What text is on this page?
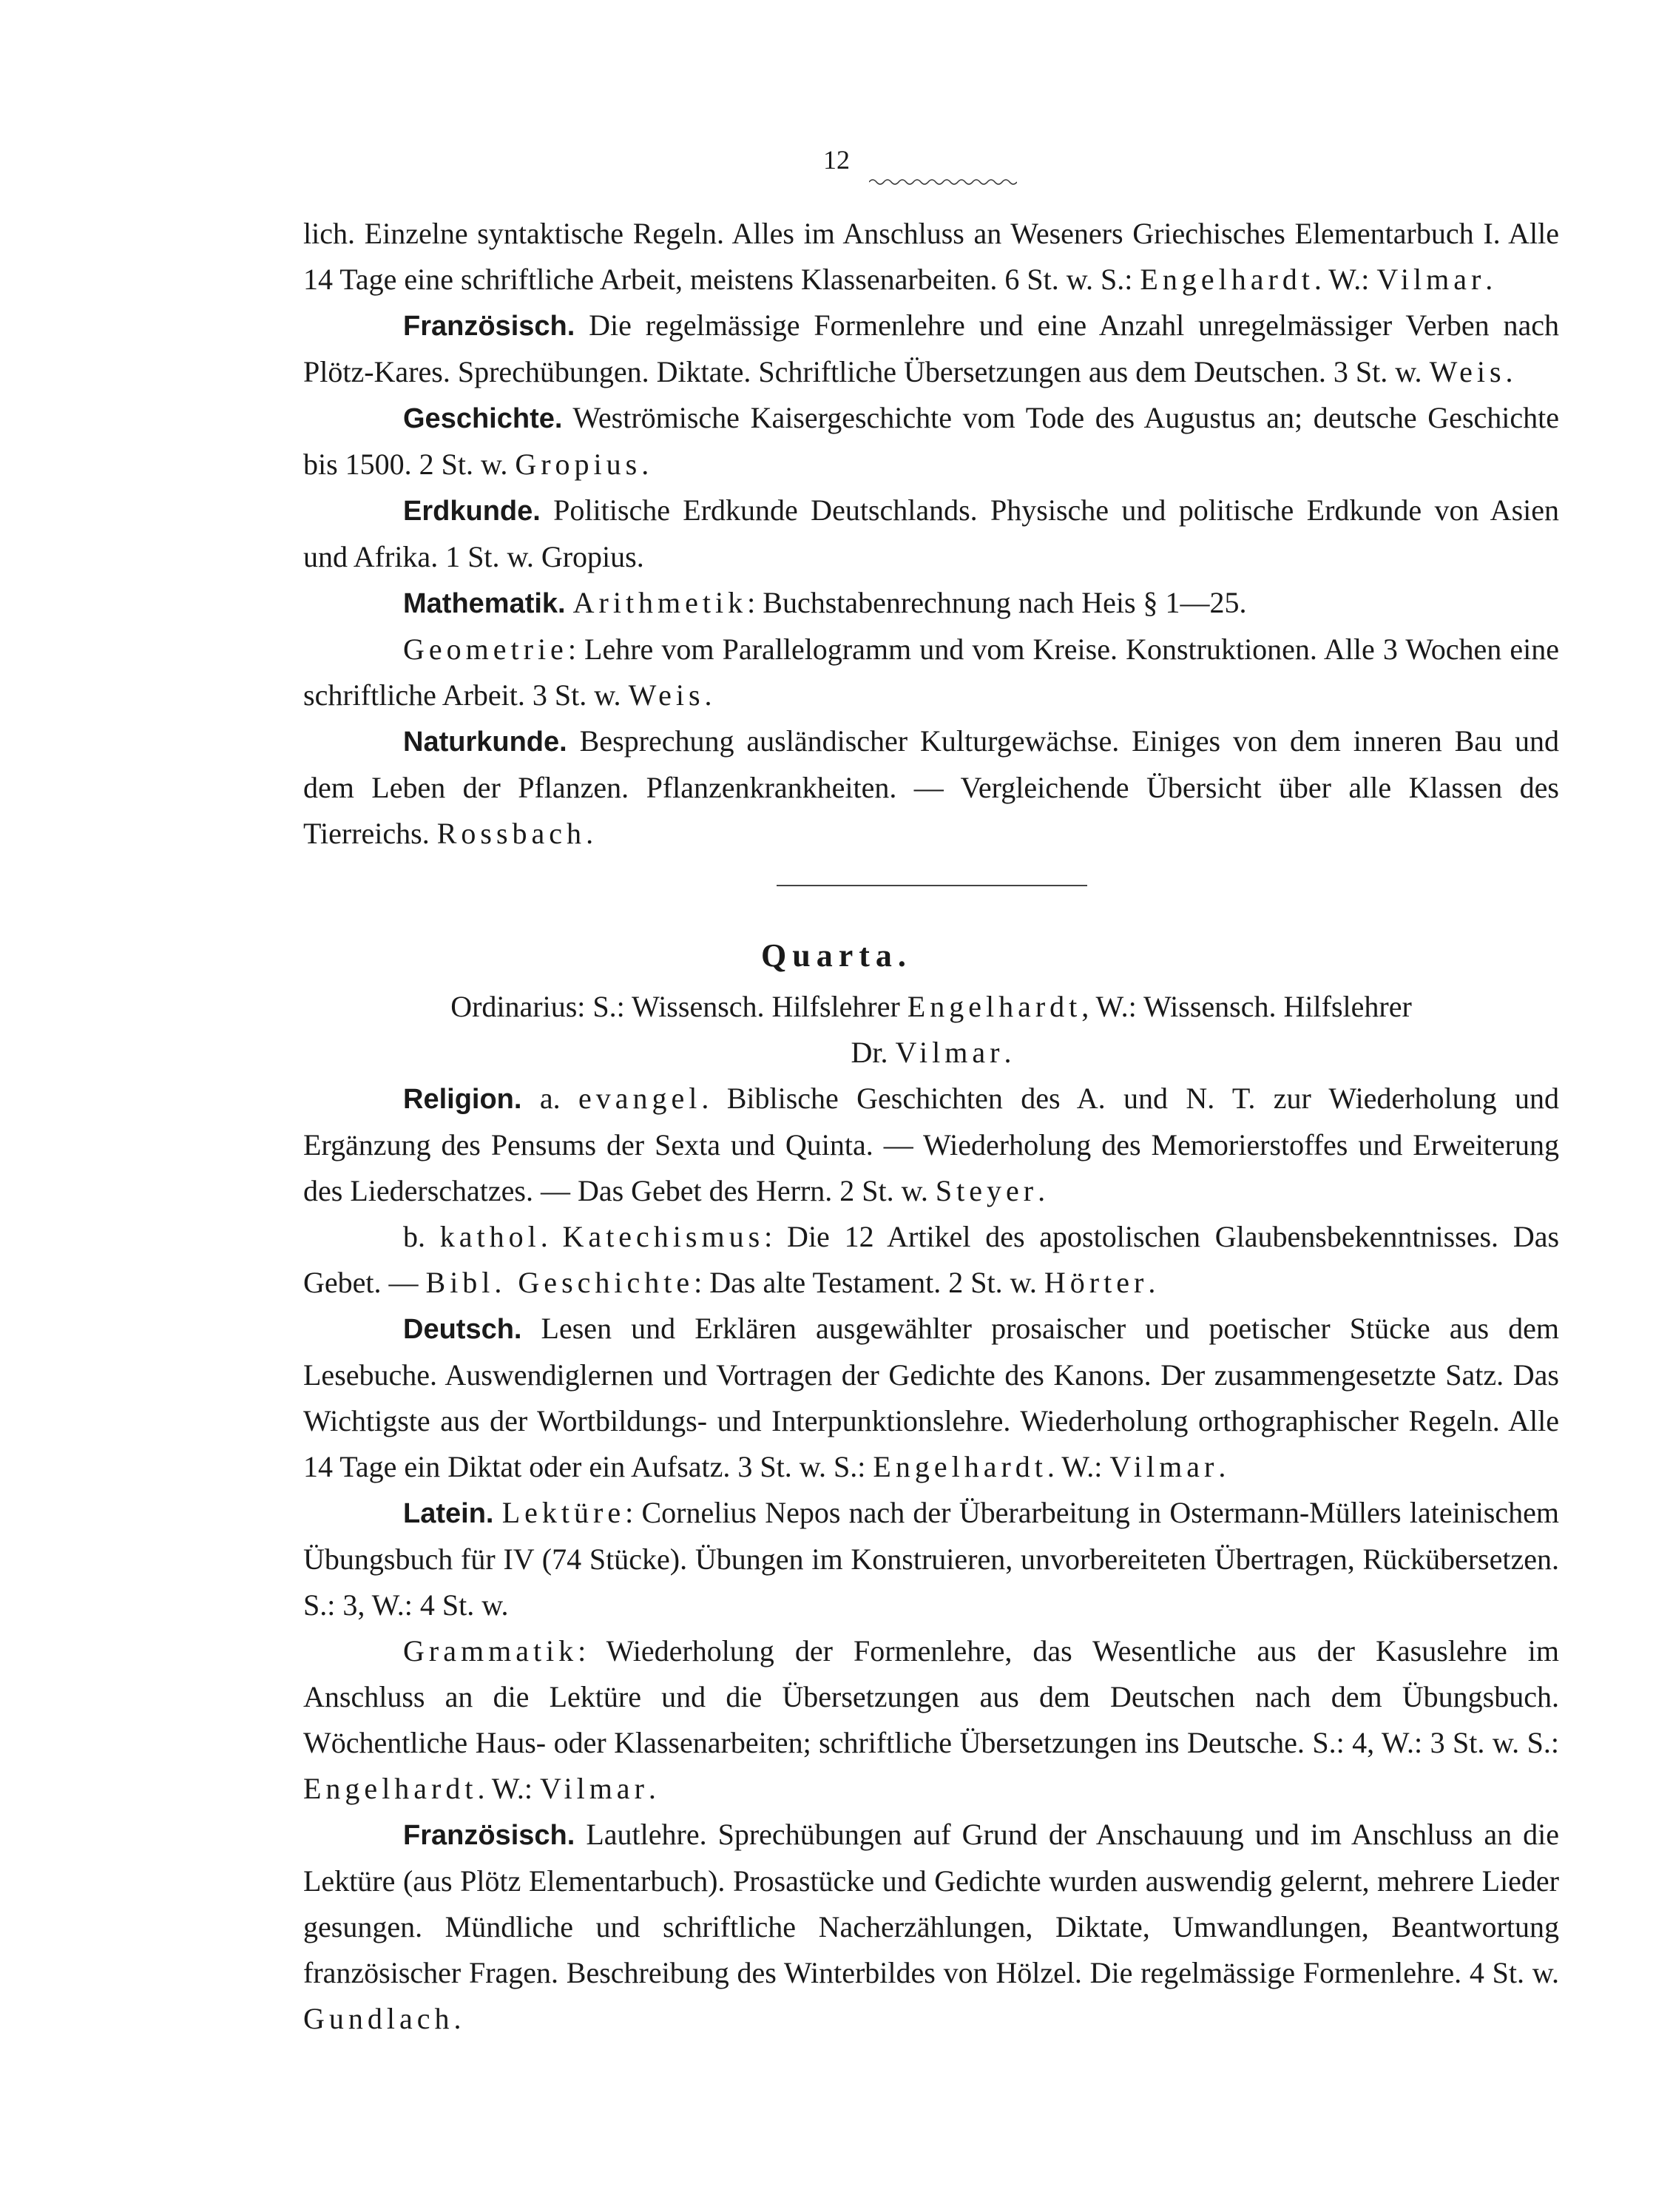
12

lich. Einzelne syntaktische Regeln. Alles im Anschluss an Weseners Griechisches Elementarbuch I. Alle 14 Tage eine schriftliche Arbeit, meistens Klassenarbeiten. 6 St. w. S.: Engelhardt. W.: Vilmar.

Französisch. Die regelmässige Formenlehre und eine Anzahl unregelmässiger Verben nach Plötz-Kares. Sprechübungen. Diktate. Schriftliche Übersetzungen aus dem Deutschen. 3 St. w. Weis.

Geschichte. Weströmische Kaisergeschichte vom Tode des Augustus an; deutsche Geschichte bis 1500. 2 St. w. Gropius.

Erdkunde. Politische Erdkunde Deutschlands. Physische und politische Erdkunde von Asien und Afrika. 1 St. w. Gropius.

Mathematik. Arithmetik: Buchstabenrechnung nach Heis § 1—25.

Geometrie: Lehre vom Parallelogramm und vom Kreise. Konstruktionen. Alle 3 Wochen eine schriftliche Arbeit. 3 St. w. Weis.

Naturkunde. Besprechung ausländischer Kulturgewächse. Einiges von dem inneren Bau und dem Leben der Pflanzen. Pflanzenkrankheiten. — Vergleichende Übersicht über alle Klassen des Tierreichs. Rossbach.

Quarta.

Ordinarius: S.: Wissensch. Hilfslehrer Engelhardt, W.: Wissensch. Hilfslehrer

Dr. Vilmar.

Religion. a. evangel. Biblische Geschichten des A. und N. T. zur Wiederholung und Ergänzung des Pensums der Sexta und Quinta. — Wiederholung des Memorierstoffes und Erweiterung des Liederschatzes. — Das Gebet des Herrn. 2 St. w. Steyer.

b. kathol. Katechismus: Die 12 Artikel des apostolischen Glaubensbekenntnisses. Das Gebet. — Bibl. Geschichte: Das alte Testament. 2 St. w. Hörter.

Deutsch. Lesen und Erklären ausgewählter prosaischer und poetischer Stücke aus dem Lesebuche. Auswendiglernen und Vortragen der Gedichte des Kanons. Der zusammengesetzte Satz. Das Wichtigste aus der Wortbildungs- und Interpunktionslehre. Wiederholung orthographischer Regeln. Alle 14 Tage ein Diktat oder ein Aufsatz. 3 St. w. S.: Engelhardt. W.: Vilmar.

Latein. Lektüre: Cornelius Nepos nach der Überarbeitung in Ostermann-Müllers lateinischem Übungsbuch für IV (74 Stücke). Übungen im Konstruieren, unvorbereiteten Übertragen, Rückübersetzen. S.: 3, W.: 4 St. w.

Grammatik: Wiederholung der Formenlehre, das Wesentliche aus der Kasuslehre im Anschluss an die Lektüre und die Übersetzungen aus dem Deutschen nach dem Übungsbuch. Wöchentliche Haus- oder Klassenarbeiten; schriftliche Übersetzungen ins Deutsche. S.: 4, W.: 3 St. w. S.: Engelhardt. W.: Vilmar.

Französisch. Lautlehre. Sprechübungen auf Grund der Anschauung und im Anschluss an die Lektüre (aus Plötz Elementarbuch). Prosastücke und Gedichte wurden auswendig gelernt, mehrere Lieder gesungen. Mündliche und schriftliche Nacherzählungen, Diktate, Umwandlungen, Beantwortung französischer Fragen. Beschreibung des Winterbildes von Hölzel. Die regelmässige Formenlehre. 4 St. w. Gundlach.
